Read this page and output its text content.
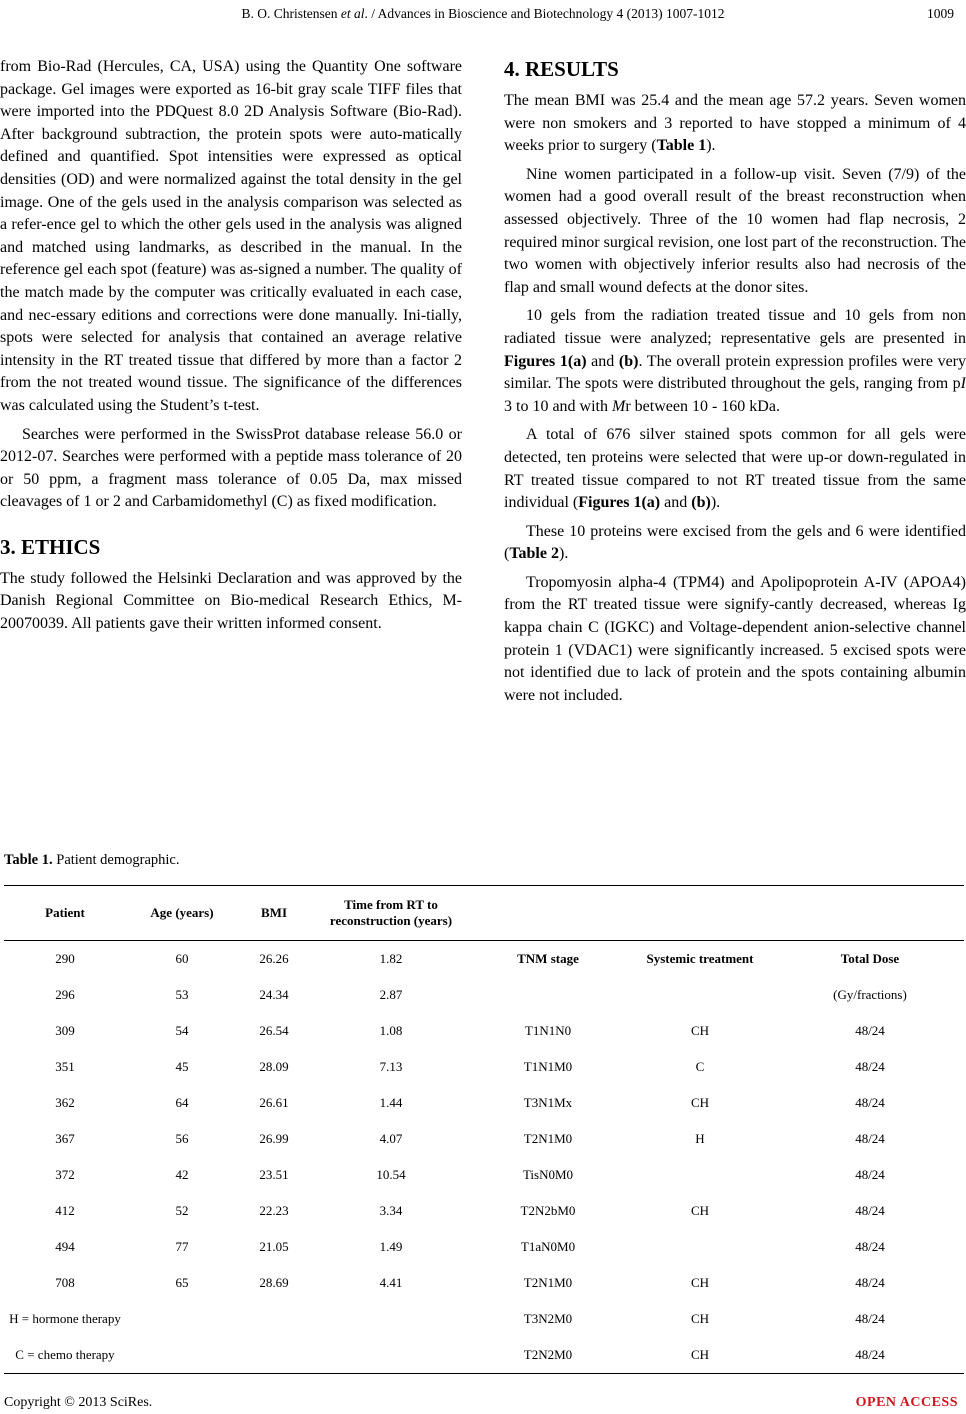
B. O. Christensen et al. / Advances in Bioscience and Biotechnology 4 (2013) 1007-1012	1009

from Bio-Rad (Hercules, CA, USA) using the Quantity One software package. Gel images were exported as 16-bit gray scale TIFF files that were imported into the PDQuest 8.0 2D Analysis Software (Bio-Rad). After background subtraction, the protein spots were auto-matically defined and quantified. Spot intensities were expressed as optical densities (OD) and were normalized against the total density in the gel image. One of the gels used in the analysis comparison was selected as a refer-ence gel to which the other gels used in the analysis was aligned and matched using landmarks, as described in the manual. In the reference gel each spot (feature) was as-signed a number. The quality of the match made by the computer was critically evaluated in each case, and nec-essary editions and corrections were done manually. Ini-tially, spots were selected for analysis that contained an average relative intensity in the RT treated tissue that differed by more than a factor 2 from the not treated wound tissue. The significance of the differences was calculated using the Student’s t-test.

Searches were performed in the SwissProt database release 56.0 or 2012-07. Searches were performed with a peptide mass tolerance of 20 or 50 ppm, a fragment mass tolerance of 0.05 Da, max missed cleavages of 1 or 2 and Carbamidomethyl (C) as fixed modification.

3. ETHICS

The study followed the Helsinki Declaration and was approved by the Danish Regional Committee on Bio-medical Research Ethics, M-20070039. All patients gave their written informed consent.

4. RESULTS

The mean BMI was 25.4 and the mean age 57.2 years. Seven women were non smokers and 3 reported to have stopped a minimum of 4 weeks prior to surgery (Table 1).

Nine women participated in a follow-up visit. Seven (7/9) of the women had a good overall result of the breast reconstruction when assessed objectively. Three of the 10 women had flap necrosis, 2 required minor surgical revision, one lost part of the reconstruction. The two women with objectively inferior results also had necrosis of the flap and small wound defects at the donor sites.

10 gels from the radiation treated tissue and 10 gels from non radiated tissue were analyzed; representative gels are presented in Figures 1(a) and (b). The overall protein expression profiles were very similar. The spots were distributed throughout the gels, ranging from pI 3 to 10 and with Mr between 10 - 160 kDa.

A total of 676 silver stained spots common for all gels were detected, ten proteins were selected that were up-or down-regulated in RT treated tissue compared to not RT treated tissue from the same individual (Figures 1(a) and (b)).

These 10 proteins were excised from the gels and 6 were identified (Table 2).

Tropomyosin alpha-4 (TPM4) and Apolipoprotein A-IV (APOA4) from the RT treated tissue were signify-cantly decreased, whereas Ig kappa chain C (IGKC) and Voltage-dependent anion-selective channel protein 1 (VDAC1) were significantly increased. 5 excised spots were not identified due to lack of protein and the spots containing albumin were not included.

Table 1. Patient demographic.
Patient	Age (years)	BMI	Time from RT to
reconstruction (years)			
290	60	26.26	1.82	TNM stage	Systemic treatment	Total Dose
296	53	24.34	2.87			(Gy/fractions)
309	54	26.54	1.08	T1N1N0	CH	48/24
351	45	28.09	7.13	T1N1M0	C	48/24
362	64	26.61	1.44	T3N1Mx	CH	48/24
367	56	26.99	4.07	T2N1M0	H	48/24
372	42	23.51	10.54	TisN0M0		48/24
412	52	22.23	3.34	T2N2bM0	CH	48/24
494	77	21.05	1.49	T1aN0M0		48/24
708	65	28.69	4.41	T2N1M0	CH	48/24
H = hormone therapy				T3N2M0	CH	48/24
C = chemo therapy				T2N2M0	CH	48/24
Copyright © 2013 SciRes.	OPEN ACCESS
